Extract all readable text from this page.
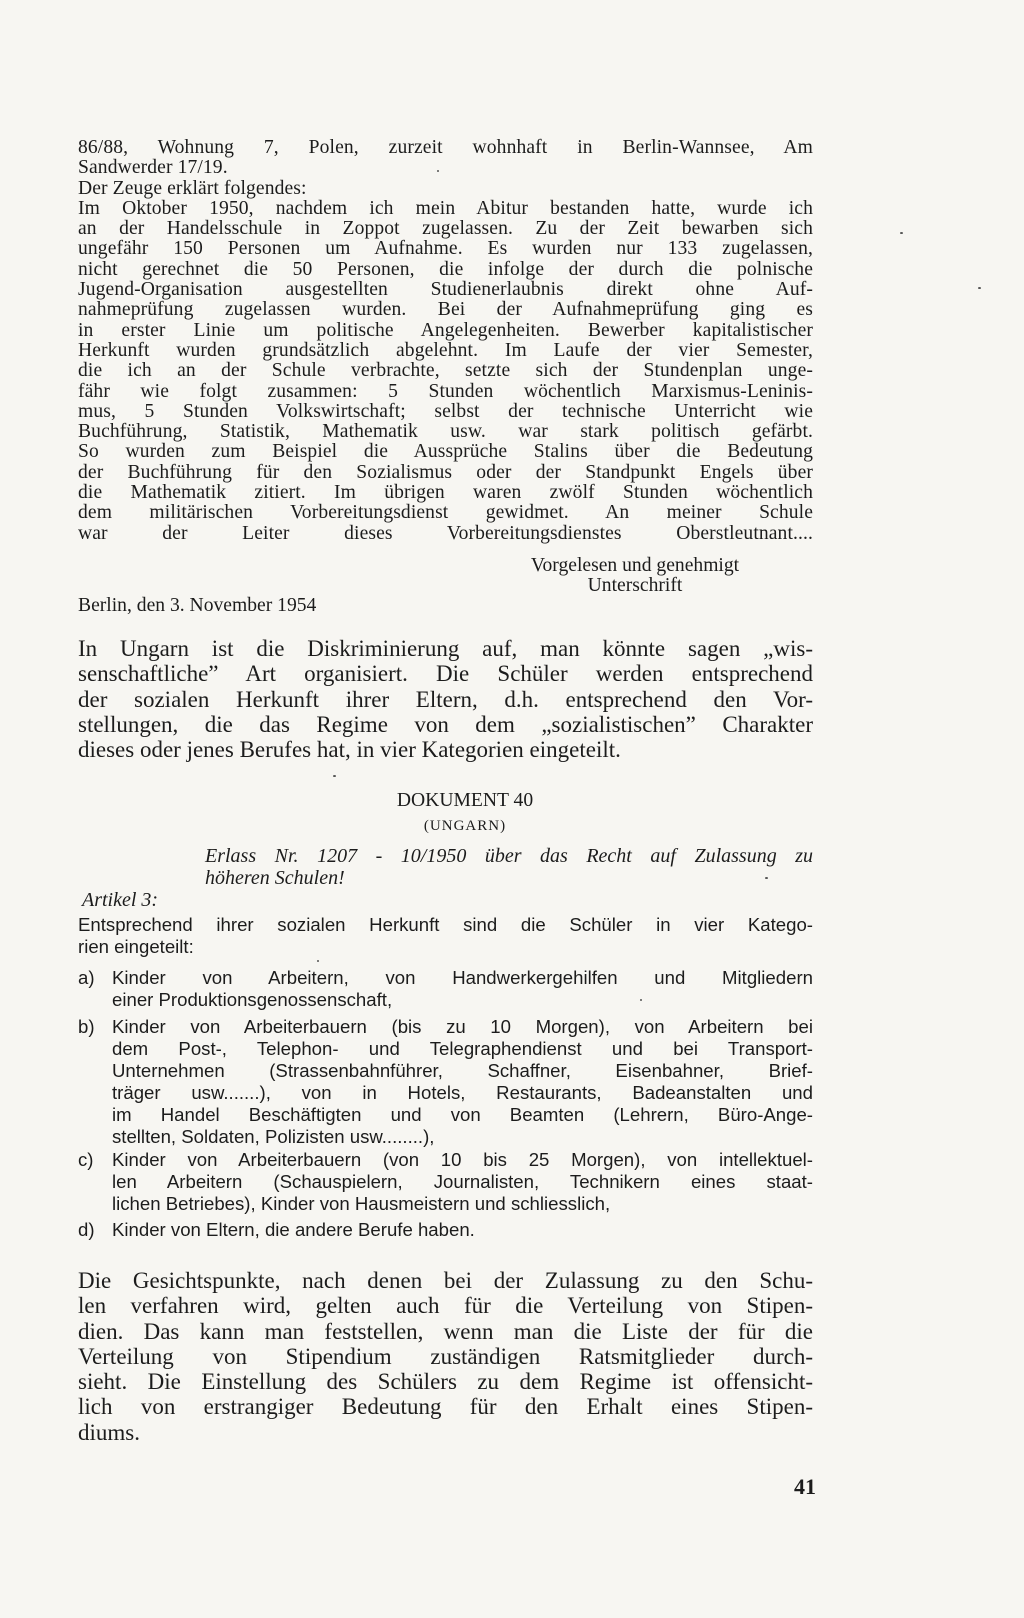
86/88, Wohnung 7, Polen, zurzeit wohnhaft in Berlin-Wannsee, Am

Sandwerder 17/19.

Der Zeuge erklärt folgendes:

Im Oktober 1950, nachdem ich mein Abitur bestanden hatte, wurde ich

an der Handelsschule in Zoppot zugelassen. Zu der Zeit bewarben sich

ungefähr 150 Personen um Aufnahme. Es wurden nur 133 zugelassen,

nicht gerechnet die 50 Personen, die infolge der durch die polnische

Jugend-Organisation ausgestellten Studienerlaubnis direkt ohne Auf-

nahmeprüfung zugelassen wurden. Bei der Aufnahmeprüfung ging es

in erster Linie um politische Angelegenheiten. Bewerber kapitalistischer

Herkunft wurden grundsätzlich abgelehnt. Im Laufe der vier Semester,

die ich an der Schule verbrachte, setzte sich der Stundenplan unge-

fähr wie folgt zusammen: 5 Stunden wöchentlich Marxismus-Leninis-

mus, 5 Stunden Volkswirtschaft; selbst der technische Unterricht wie

Buchführung, Statistik, Mathematik usw. war stark politisch gefärbt.

So wurden zum Beispiel die Aussprüche Stalins über die Bedeutung

der Buchführung für den Sozialismus oder der Standpunkt Engels über

die Mathematik zitiert. Im übrigen waren zwölf Stunden wöchentlich

dem militärischen Vorbereitungsdienst gewidmet. An meiner Schule

war der Leiter dieses Vorbereitungsdienstes Oberstleutnant....

Vorgelesen und genehmigt
Unterschrift
Berlin, den 3. November 1954

In Ungarn ist die Diskriminierung auf, man könnte sagen „wis-

senschaftliche” Art organisiert. Die Schüler werden entsprechend

der sozialen Herkunft ihrer Eltern, d.h. entsprechend den Vor-

stellungen, die das Regime von dem „sozialistischen” Charakter

dieses oder jenes Berufes hat, in vier Kategorien eingeteilt.

DOKUMENT 40
(UNGARN)

Erlass Nr. 1207 - 10/1950 über das Recht auf Zulassung zu

höheren Schulen!

Artikel 3:

Entsprechend ihrer sozialen Herkunft sind die Schüler in vier Katego-

rien eingeteilt:

a) Kinder von Arbeitern, von Handwerkergehilfen und Mitgliedern

einer Produktionsgenossenschaft,

b) Kinder von Arbeiterbauern (bis zu 10 Morgen), von Arbeitern bei

dem Post-, Telephon- und Telegraphendienst und bei Transport-

Unternehmen (Strassenbahnführer, Schaffner, Eisenbahner, Brief-

träger usw.......), von in Hotels, Restaurants, Badeanstalten und

im Handel Beschäftigten und von Beamten (Lehrern, Büro-Ange-

stellten, Soldaten, Polizisten usw........),

c) Kinder von Arbeiterbauern (von 10 bis 25 Morgen), von intellektuel-

len Arbeitern (Schauspielern, Journalisten, Technikern eines staat-

lichen Betriebes), Kinder von Hausmeistern und schliesslich,

d) Kinder von Eltern, die andere Berufe haben.

Die Gesichtspunkte, nach denen bei der Zulassung zu den Schu-

len verfahren wird, gelten auch für die Verteilung von Stipen-

dien. Das kann man feststellen, wenn man die Liste der für die

Verteilung von Stipendium zuständigen Ratsmitglieder durch-

sieht. Die Einstellung des Schülers zu dem Regime ist offensicht-

lich von erstrangiger Bedeutung für den Erhalt eines Stipen-

diums.

41
